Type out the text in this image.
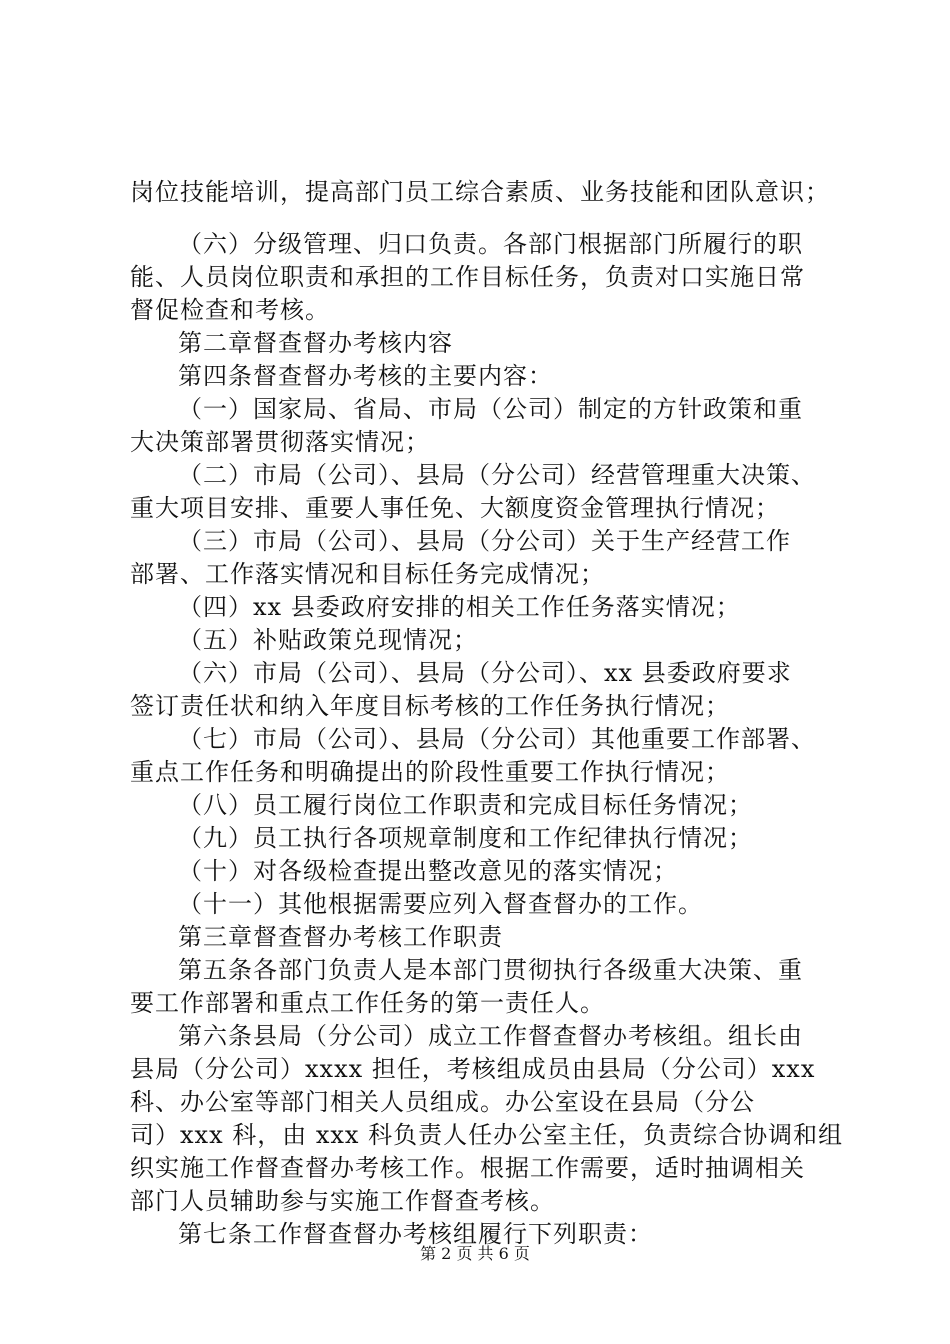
岗位技能培训，提高部门员工综合素质、业务技能和团队意识；
（六）分级管理、归口负责。各部门根据部门所履行的职
能、人员岗位职责和承担的工作目标任务，负责对口实施日常
督促检查和考核。
第二章督查督办考核内容
第四条督查督办考核的主要内容：
（一）国家局、省局、市局（公司）制定的方针政策和重
大决策部署贯彻落实情况；
（二）市局（公司）、县局（分公司）经营管理重大决策、
重大项目安排、重要人事任免、大额度资金管理执行情况；
（三）市局（公司）、县局（分公司）关于生产经营工作
部署、工作落实情况和目标任务完成情况；
（四）xx 县委政府安排的相关工作任务落实情况；
（五）补贴政策兑现情况；
（六）市局（公司）、县局（分公司）、xx 县委政府要求
签订责任状和纳入年度目标考核的工作任务执行情况；
（七）市局（公司）、县局（分公司）其他重要工作部署、
重点工作任务和明确提出的阶段性重要工作执行情况；
（八）员工履行岗位工作职责和完成目标任务情况；
（九）员工执行各项规章制度和工作纪律执行情况；
（十）对各级检查提出整改意见的落实情况；
（十一）其他根据需要应列入督查督办的工作。
第三章督查督办考核工作职责
第五条各部门负责人是本部门贯彻执行各级重大决策、重
要工作部署和重点工作任务的第一责任人。
第六条县局（分公司）成立工作督查督办考核组。组长由
县局（分公司）xxxx 担任，考核组成员由县局（分公司）xxx
科、办公室等部门相关人员组成。办公室设在县局（分公
司）xxx 科，由 xxx 科负责人任办公室主任，负责综合协调和组
织实施工作督查督办考核工作。根据工作需要，适时抽调相关
部门人员辅助参与实施工作督查考核。
第七条工作督查督办考核组履行下列职责：
第 2 页 共 6 页
